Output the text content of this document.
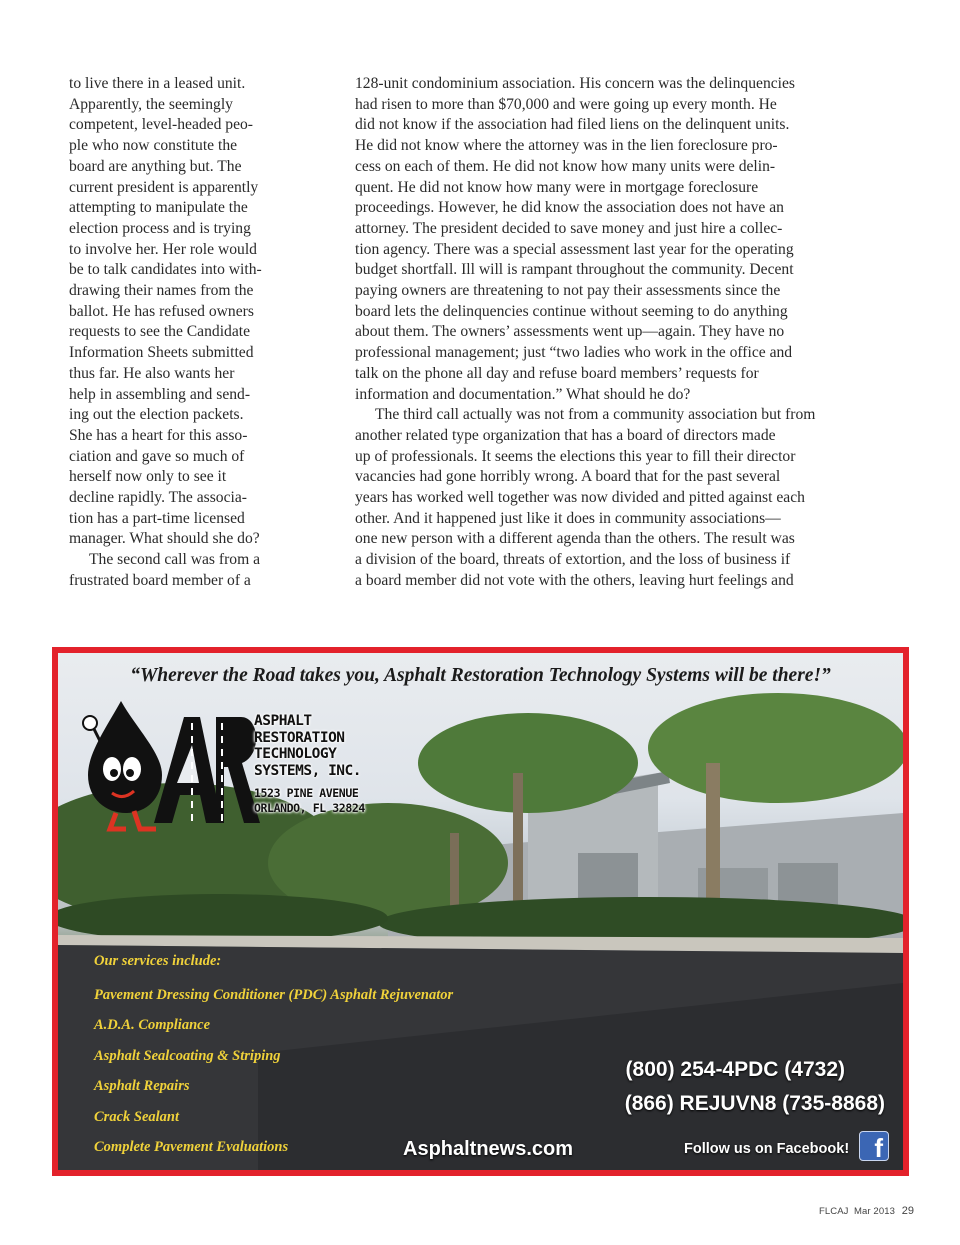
to live there in a leased unit.

Apparently, the seemingly

competent, level-headed peo-

ple who now constitute the

board are anything but. The

current president is apparently

attempting to manipulate the

election process and is trying

to involve her. Her role would

be to talk candidates into with-

drawing their names from the

ballot. He has refused owners

requests to see the Candidate

Information Sheets submitted

thus far. He also wants her

help in assembling and send-

ing out the election packets.

She has a heart for this asso-

ciation and gave so much of

herself now only to see it

decline rapidly. The associa-

tion has a part-time licensed

manager. What should she do?

The second call was from a

frustrated board member of a

128-unit condominium association. His concern was the delinquencies

had risen to more than $70,000 and were going up every month. He

did not know if the association had filed liens on the delinquent units.

He did not know where the attorney was in the lien foreclosure pro-

cess on each of them. He did not know how many units were delin-

quent. He did not know how many were in mortgage foreclosure

proceedings. However, he did know the association does not have an

attorney. The president decided to save money and just hire a collec-

tion agency. There was a special assessment last year for the operating

budget shortfall. Ill will is rampant throughout the community. Decent

paying owners are threatening to not pay their assessments since the

board lets the delinquencies continue without seeming to do anything

about them. The owners’ assessments went up—again. They have no

professional management; just “two ladies who work in the office and

talk on the phone all day and refuse board members’ requests for

information and documentation.” What should he do?

The third call actually was not from a community association but from

another related type organization that has a board of directors made

up of professionals. It seems the elections this year to fill their director

vacancies had gone horribly wrong. A board that for the past several

years has worked well together was now divided and pitted against each

other. And it happened just like it does in community associations—

one new person with a different agenda than the others. The result was

a division of the board, threats of extortion, and the loss of business if

a board member did not vote with the others, leaving hurt feelings and

“Wherever the Road takes you, Asphalt Restoration Technology Systems will be there!”
ASPHALT
RESTORATION
TECHNOLOGY
SYSTEMS, INC.
1523 PINE AVENUE
ORLANDO, FL 32824
Our services include:
Pavement Dressing Conditioner (PDC) Asphalt Rejuvenator
A.D.A. Compliance
Asphalt Sealcoating & Striping
Asphalt Repairs
Crack Sealant
Complete Pavement Evaluations
(800) 254-4PDC (4732)
(866) REJUVN8 (735-8868)
Asphaltnews.com	Follow us on Facebook! f
FLCAJ Mar 2013 29
